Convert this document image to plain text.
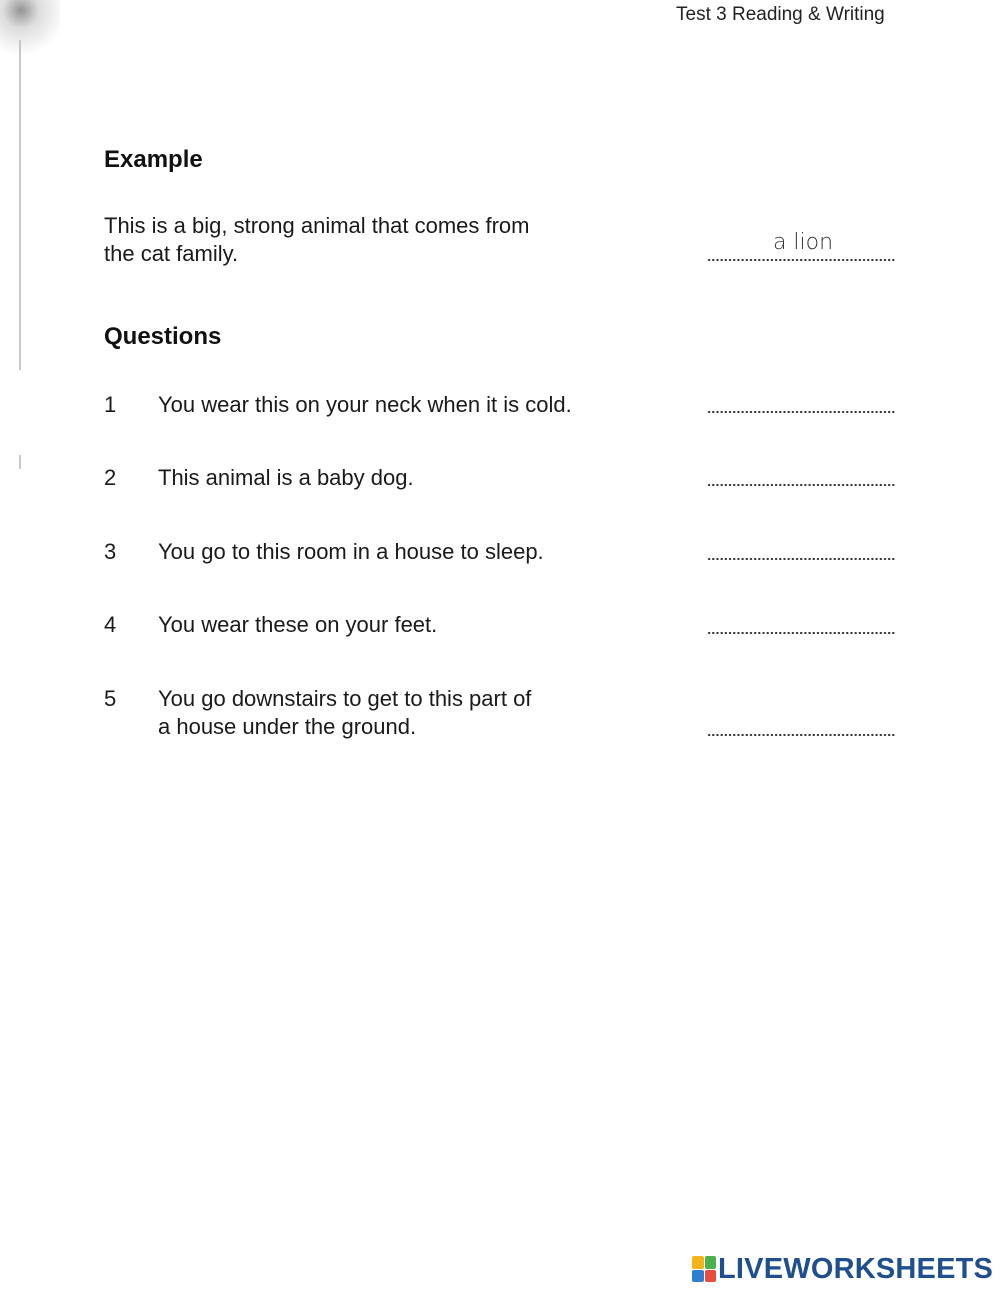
Test 3 Reading & Writing
Example
This is a big, strong animal that comes from
the cat family.	a lion
Questions
1 You wear this on your neck when it is cold.
2 This animal is a baby dog.
3 You go to this room in a house to sleep.
4 You wear these on your feet.
5 You go downstairs to get to this part of
a house under the ground.
LIVEWORKSHEETS
